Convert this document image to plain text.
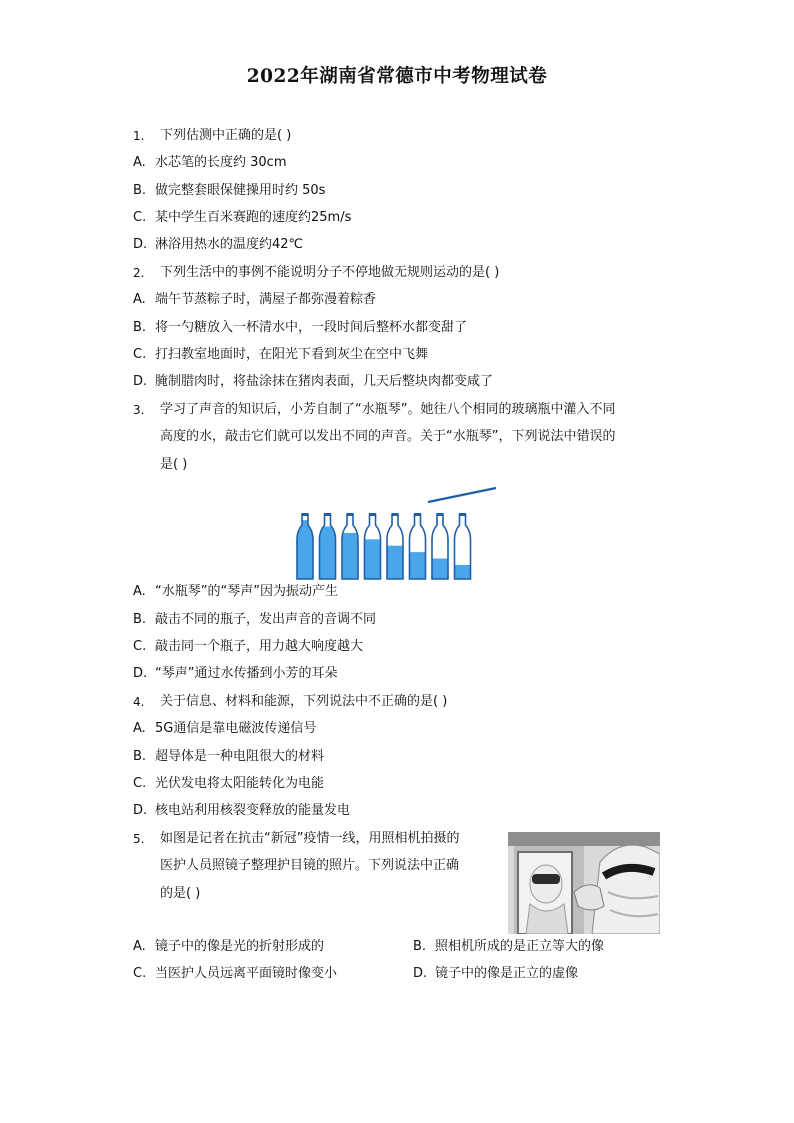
2022年湖南省常德市中考物理试卷
1. 下列估测中正确的是( )
A. 水芯笔的长度约 30cm
B. 做完整套眼保健操用时约 50s
C. 某中学生百米赛跑的速度约25m/s
D. 淋浴用热水的温度约42℃
2. 下列生活中的事例不能说明分子不停地做无规则运动的是( )
A. 端午节蒸粽子时，满屋子都弥漫着粽香
B. 将一勺糖放入一杯清水中，一段时间后整杯水都变甜了
C. 打扫教室地面时，在阳光下看到灰尘在空中飞舞
D. 腌制腊肉时，将盐涂抹在猪肉表面，几天后整块肉都变咸了
3. 学习了声音的知识后，小芳自制了“水瓶琴”。她往八个相同的玻璃瓶中灌入不同
高度的水，敲击它们就可以发出不同的声音。关于“水瓶琴”，下列说法中错误的
是( )
A. “水瓶琴”的“琴声”因为振动产生
B. 敲击不同的瓶子，发出声音的音调不同
C. 敲击同一个瓶子，用力越大响度越大
D. “琴声”通过水传播到小芳的耳朵
4. 关于信息、材料和能源，下列说法中不正确的是( )
A. 5G通信是靠电磁波传递信号
B. 超导体是一种电阻很大的材料
C. 光伏发电将太阳能转化为电能
D. 核电站利用核裂变释放的能量发电
5. 如图是记者在抗击“新冠”疫情一线，用照相机拍摄的
医护人员照镜子整理护目镜的照片。下列说法中正确
的是( )
A. 镜子中的像是光的折射形成的	B. 照相机所成的是正立等大的像
C. 当医护人员远离平面镜时像变小	D. 镜子中的像是正立的虚像
